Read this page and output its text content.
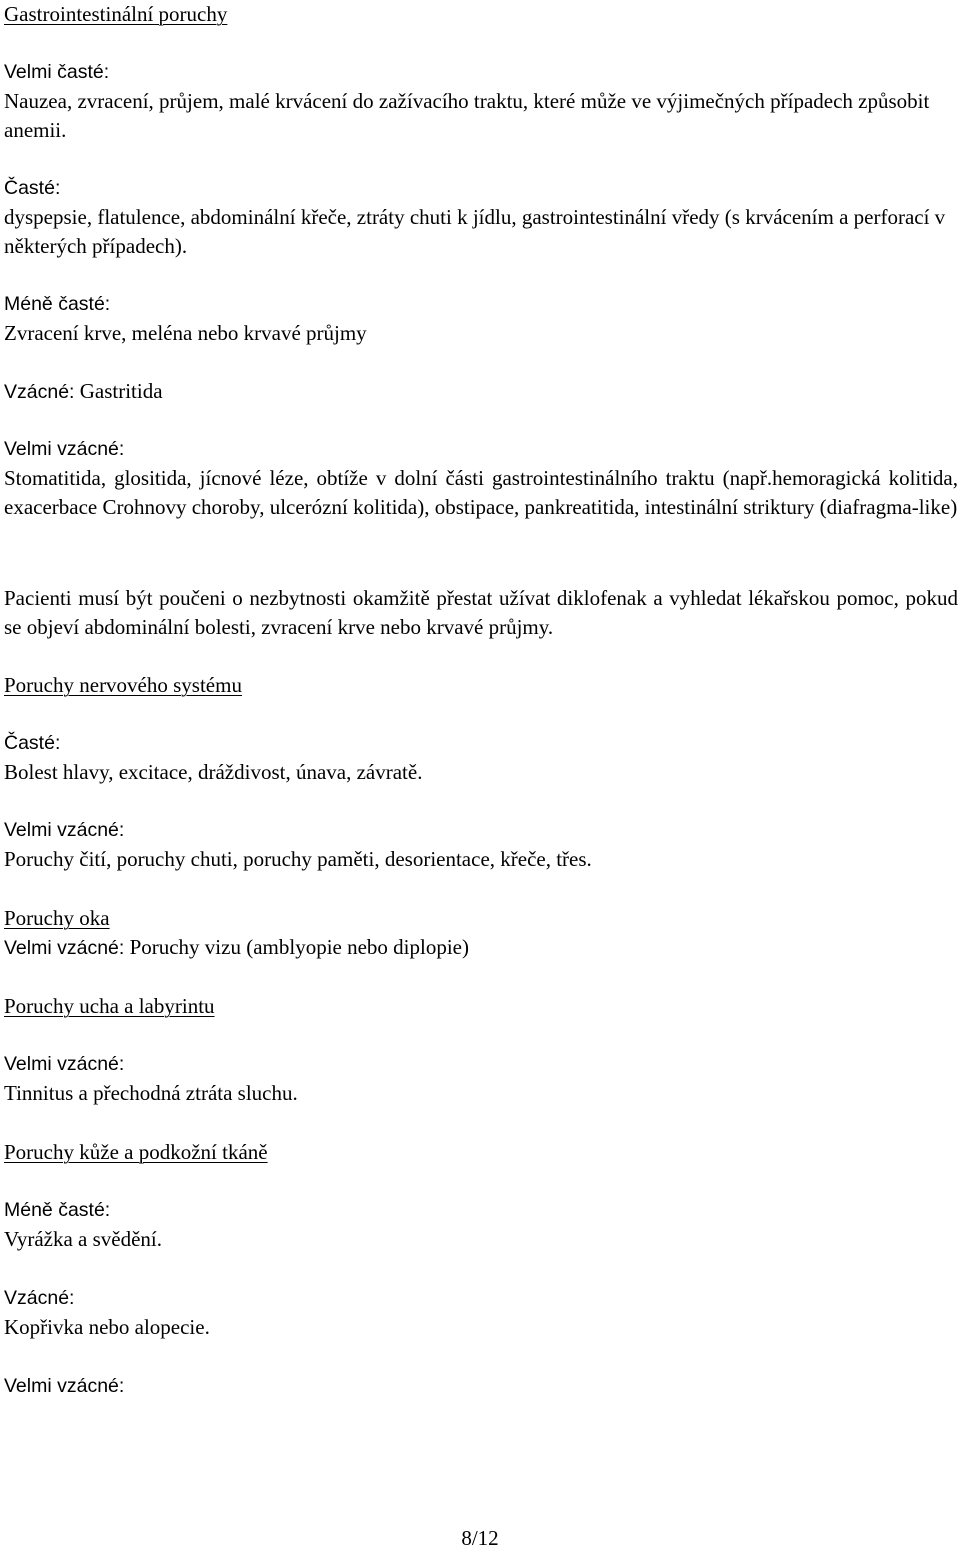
Gastrointestinální poruchy
Velmi časté:
Nauzea, zvracení, průjem, malé krvácení do zažívacího traktu, které může ve výjimečných případech způsobit anemii.
Časté:
dyspepsie, flatulence, abdominální křeče, ztráty chuti k jídlu, gastrointestinální vředy (s krvácením a perforací v některých případech).
Méně časté:
Zvracení krve, meléna nebo krvavé průjmy
Vzácné: Gastritida
Velmi vzácné:
Stomatitida, glositida, jícnové léze, obtíže v dolní části gastrointestinálního traktu (např.hemoragická kolitida, exacerbace Crohnovy choroby, ulcerózní kolitida), obstipace, pankreatitida, intestinální striktury (diafragma-like)
Pacienti musí být poučeni o nezbytnosti okamžitě přestat užívat diklofenak a vyhledat lékařskou pomoc, pokud se objeví abdominální bolesti, zvracení krve nebo krvavé průjmy.
Poruchy nervového systému
Časté:
Bolest hlavy, excitace, dráždivost, únava, závratě.
Velmi vzácné:
Poruchy čití, poruchy chuti, poruchy paměti, desorientace, křeče, třes.
Poruchy oka
Velmi vzácné: Poruchy vizu (amblyopie nebo diplopie)
Poruchy ucha a labyrintu
Velmi vzácné:
Tinnitus a přechodná ztráta sluchu.
Poruchy kůže a podkožní tkáně
Méně časté:
Vyrážka a svědění.
Vzácné:
Kopřivka nebo alopecie.
Velmi vzácné:
8/12
